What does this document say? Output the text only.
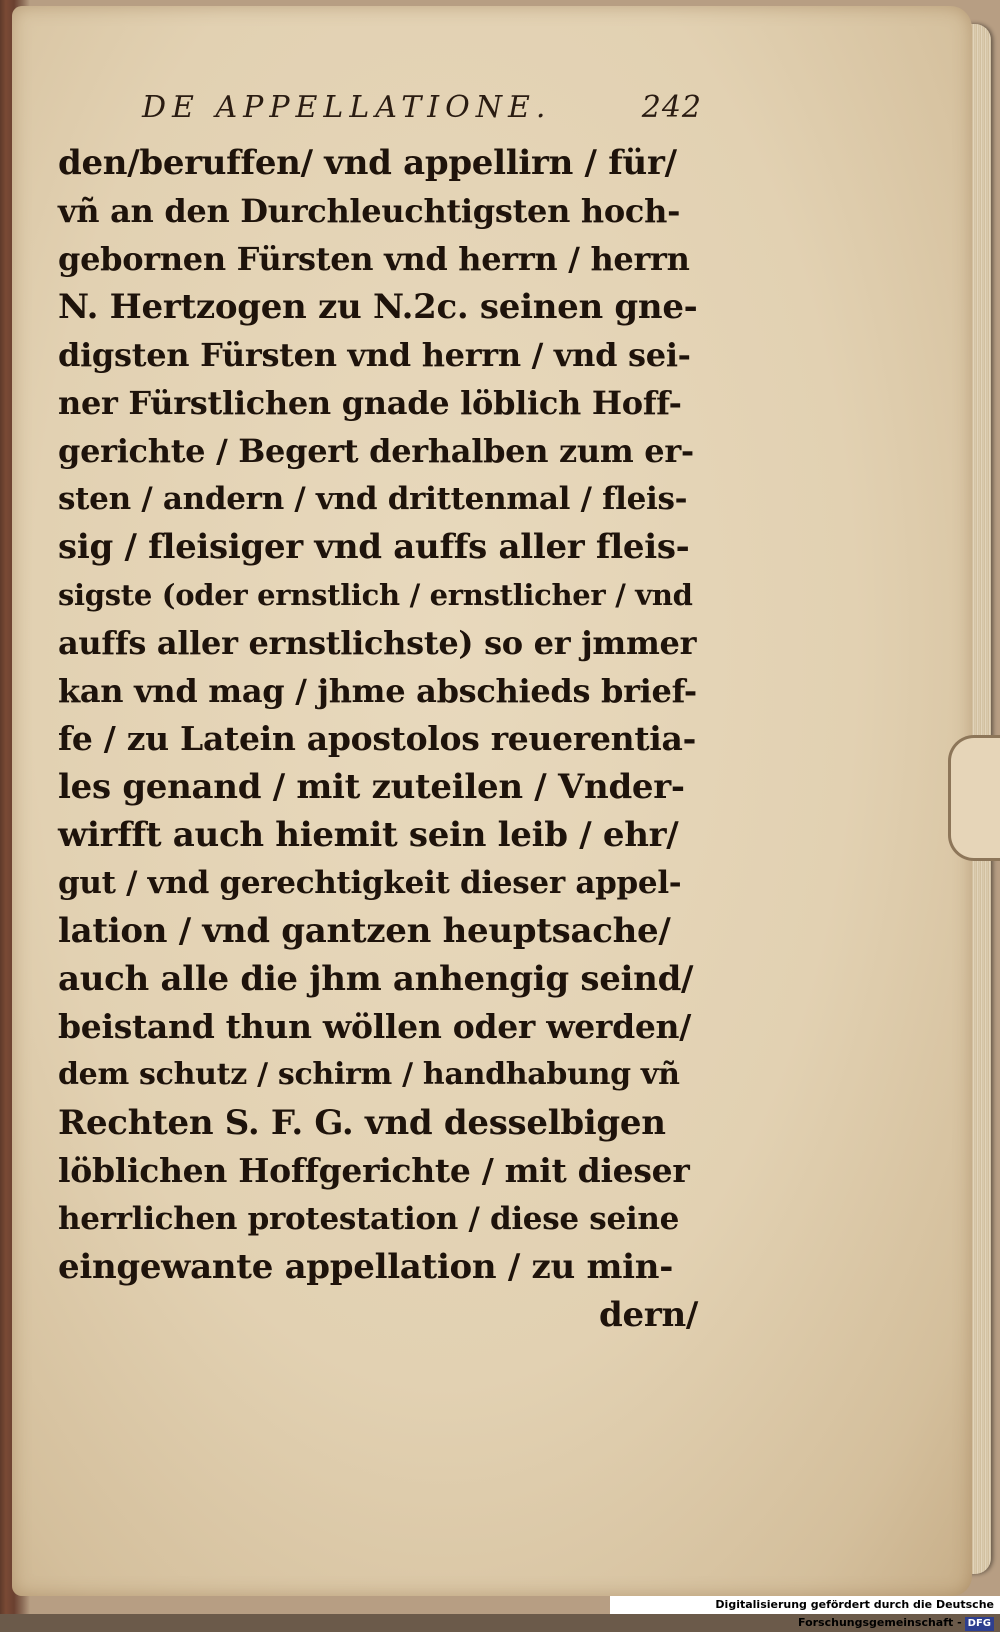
DE APPELLATIONE.	242
den/beruffen/ vnd appellirn / für/
vñ an den Durchleuchtigsten hoch-
gebornen Fürsten vnd herrn / herrn
N. Hertzogen zu N.2c. seinen gne-
digsten Fürsten vnd herrn / vnd sei-
ner Fürstlichen gnade löblich Hoff-
gerichte / Begert derhalben zum er-
sten / andern / vnd drittenmal / fleis-
sig / fleisiger vnd auffs aller fleis-
sigste (oder ernstlich / ernstlicher / vnd
auffs aller ernstlichste) so er jmmer
kan vnd mag / jhme abschieds brief-
fe / zu Latein apostolos reuerentia-
les genand / mit zuteilen / Vnder-
wirfft auch hiemit sein leib / ehr/
gut / vnd gerechtigkeit dieser appel-
lation / vnd gantzen heuptsache/
auch alle die jhm anhengig seind/
beistand thun wöllen oder werden/
dem schutz / schirm / handhabung vñ
Rechten S. F. G. vnd desselbigen
löblichen Hoffgerichte / mit dieser
herrlichen protestation / diese seine
eingewante appellation / zu min-
dern/
Digitalisierung gefördert durch die Deutsche Forschungsgemeinschaft - DFG
